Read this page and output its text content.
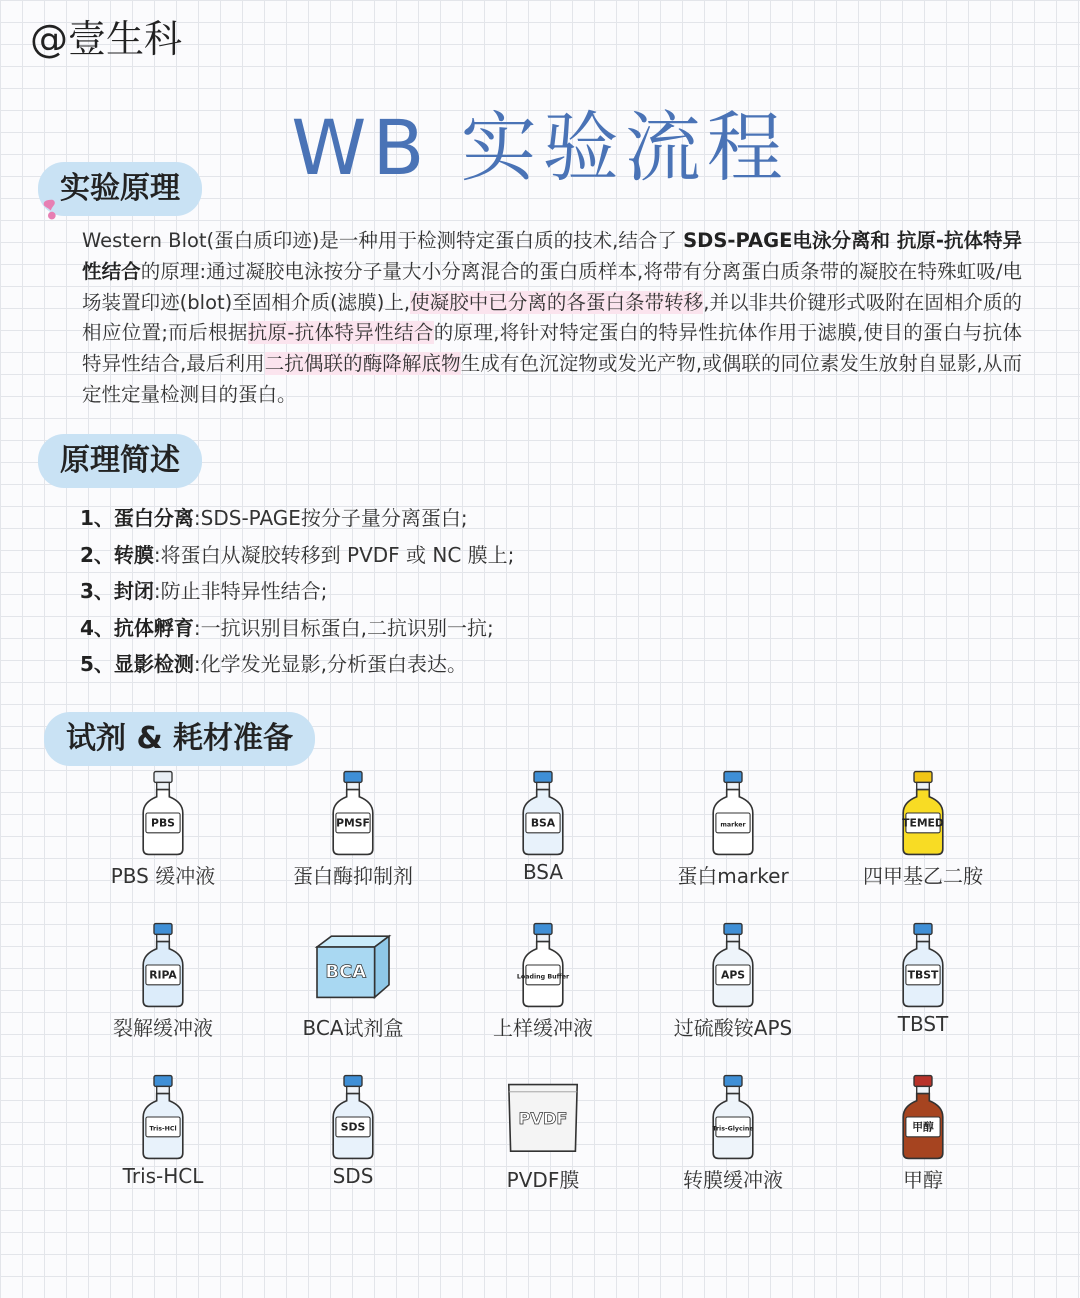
@壹生科
WB 实验流程
实验原理
❢
Western Blot(蛋白质印迹)是一种用于检测特定蛋白质的技术,结合了 SDS-PAGE电泳分离和 抗原-抗体特异性结合的原理:通过凝胶电泳按分子量大小分离混合的蛋白质样本,将带有分离蛋白质条带的凝胶在特殊虹吸/电场装置印迹(blot)至固相介质(滤膜)上,使凝胶中已分离的各蛋白条带转移,并以非共价键形式吸附在固相介质的相应位置;而后根据抗原-抗体特异性结合的原理,将针对特定蛋白的特异性抗体作用于滤膜,使目的蛋白与抗体特异性结合,最后利用二抗偶联的酶降解底物生成有色沉淀物或发光产物,或偶联的同位素发生放射自显影,从而定性定量检测目的蛋白。
原理简述
1、蛋白分离:SDS-PAGE按分子量分离蛋白;
2、转膜:将蛋白从凝胶转移到 PVDF 或 NC 膜上;
3、封闭:防止非特异性结合;
4、抗体孵育:一抗识别目标蛋白,二抗识别一抗;
5、显影检测:化学发光显影,分析蛋白表达。
试剂 & 耗材准备
PBS
PBS 缓冲液
PMSF
蛋白酶抑制剂
BSA
BSA
marker
蛋白marker
TEMED
四甲基乙二胺
RIPA
裂解缓冲液
BCA
BCA试剂盒
Loading Buffer
上样缓冲液
APS
过硫酸铵APS
TBST
TBST
Tris-HCl
Tris-HCL
SDS
SDS
PVDF
PVDF膜
Tris-Glycine
转膜缓冲液
甲醇
甲醇
